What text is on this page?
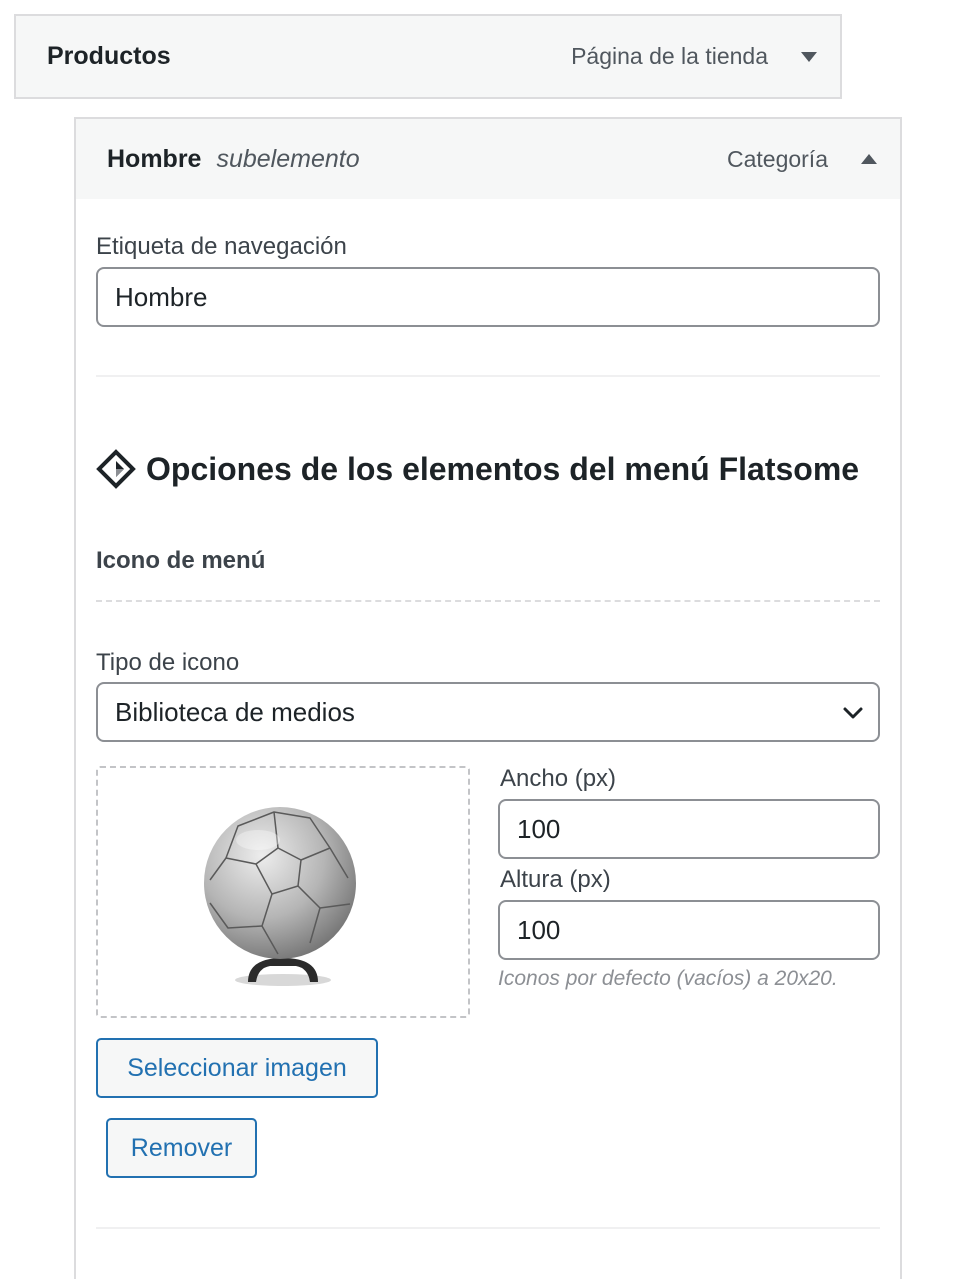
Productos	Página de la tienda
Hombre subelemento	Categoría
Etiqueta de navegación
Hombre
Opciones de los elementos del menú Flatsome
Icono de menú
Tipo de icono
Biblioteca de medios
Ancho (px)
100
Altura (px)
100
Iconos por defecto (vacíos) a 20x20.
Seleccionar imagen
Remover
